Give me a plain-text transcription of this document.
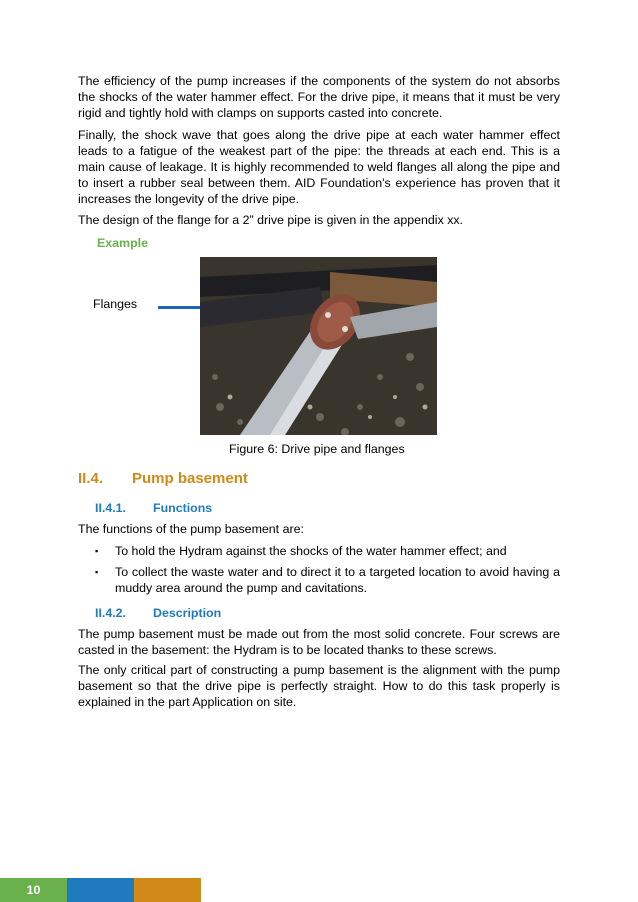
The efficiency of the pump increases if the components of the system do not absorbs the shocks of the water hammer effect. For the drive pipe, it means that it must be very rigid and tightly hold with clamps on supports casted into concrete.

Finally, the shock wave that goes along the drive pipe at each water hammer effect leads to a fatigue of the weakest part of the pipe: the threads at each end. This is a main cause of leakage. It is highly recommended to weld flanges all along the pipe and to insert a rubber seal between them. AID Foundation's experience has proven that it increases the longevity of the drive pipe.

The design of the flange for a 2” drive pipe is given in the appendix xx.

Example
Flanges
Figure 6: Drive pipe and flanges
II.4. Pump basement
II.4.1. Functions

The functions of the pump basement are:

▪ To hold the Hydram against the shocks of the water hammer effect; and
▪ To collect the waste water and to direct it to a targeted location to avoid having a muddy area around the pump and cavitations.
II.4.2. Description

The pump basement must be made out from the most solid concrete. Four screws are casted in the basement: the Hydram is to be located thanks to these screws.

The only critical part of constructing a pump basement is the alignment with the pump basement so that the drive pipe is perfectly straight. How to do this task properly is explained in the part Application on site.

10
